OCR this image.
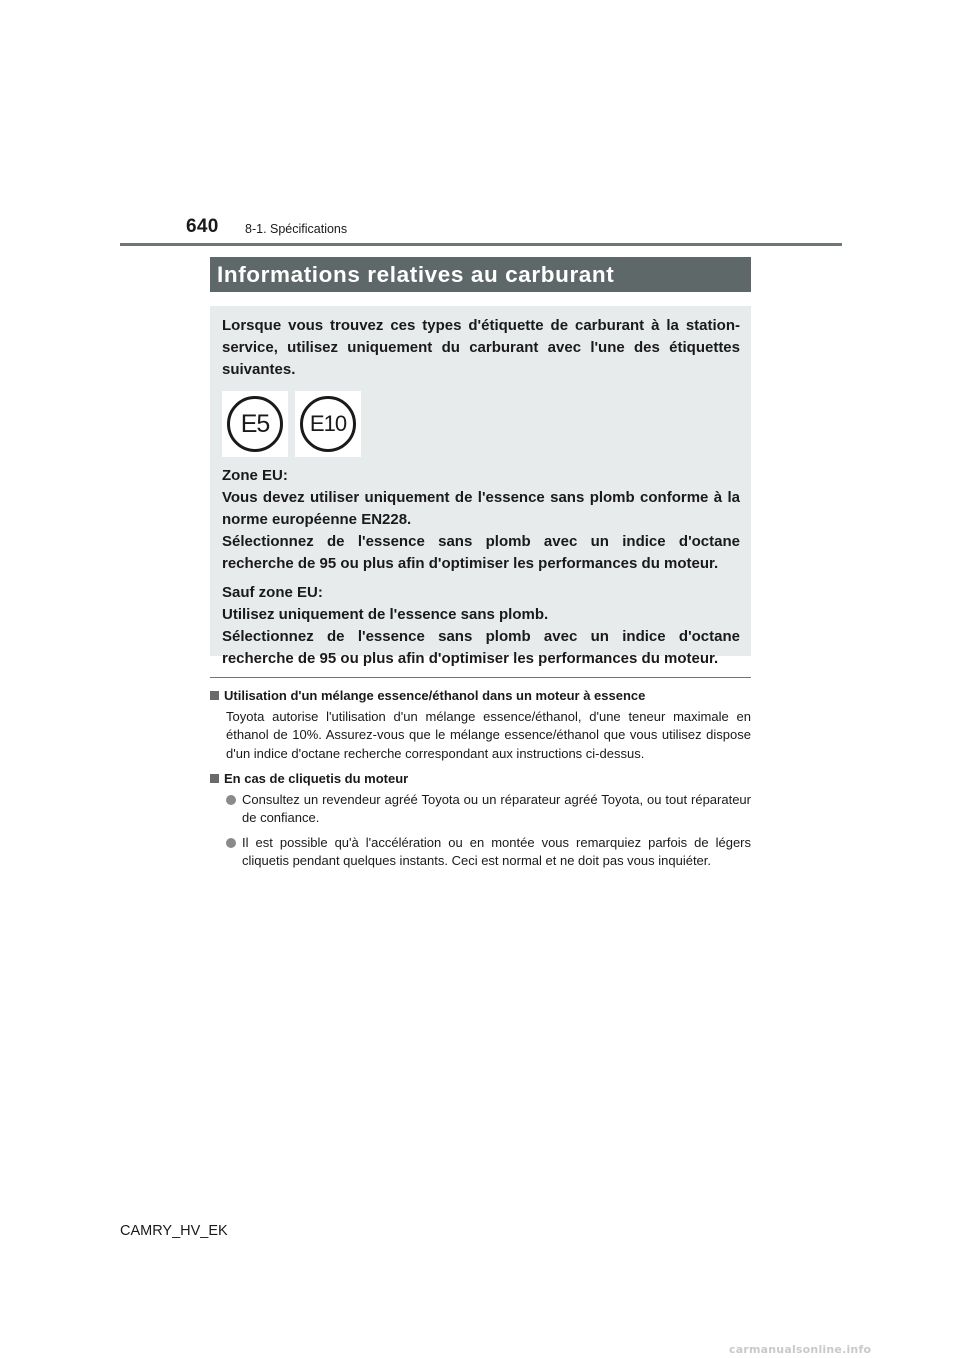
640 8-1. Spécifications
Informations relatives au carburant

Lorsque vous trouvez ces types d'étiquette de carburant à la station-service, utilisez uniquement du carburant avec l'une des étiquettes suivantes.

E5	E10

Zone EU:

Vous devez utiliser uniquement de l'essence sans plomb conforme à la norme européenne EN228.

Sélectionnez de l'essence sans plomb avec un indice d'octane recherche de 95 ou plus afin d'optimiser les performances du moteur.

Sauf zone EU:

Utilisez uniquement de l'essence sans plomb.

Sélectionnez de l'essence sans plomb avec un indice d'octane recherche de 95 ou plus afin d'optimiser les performances du moteur.

Utilisation d'un mélange essence/éthanol dans un moteur à essence

Toyota autorise l'utilisation d'un mélange essence/éthanol, d'une teneur maximale en éthanol de 10%. Assurez-vous que le mélange essence/éthanol que vous utilisez dispose d'un indice d'octane recherche correspondant aux instructions ci-dessus.

En cas de cliquetis du moteur

Consultez un revendeur agréé Toyota ou un réparateur agréé Toyota, ou tout réparateur de confiance.
Il est possible qu'à l'accélération ou en montée vous remarquiez parfois de légers cliquetis pendant quelques instants. Ceci est normal et ne doit pas vous inquiéter.
CAMRY_HV_EK
carmanualsonline.info
